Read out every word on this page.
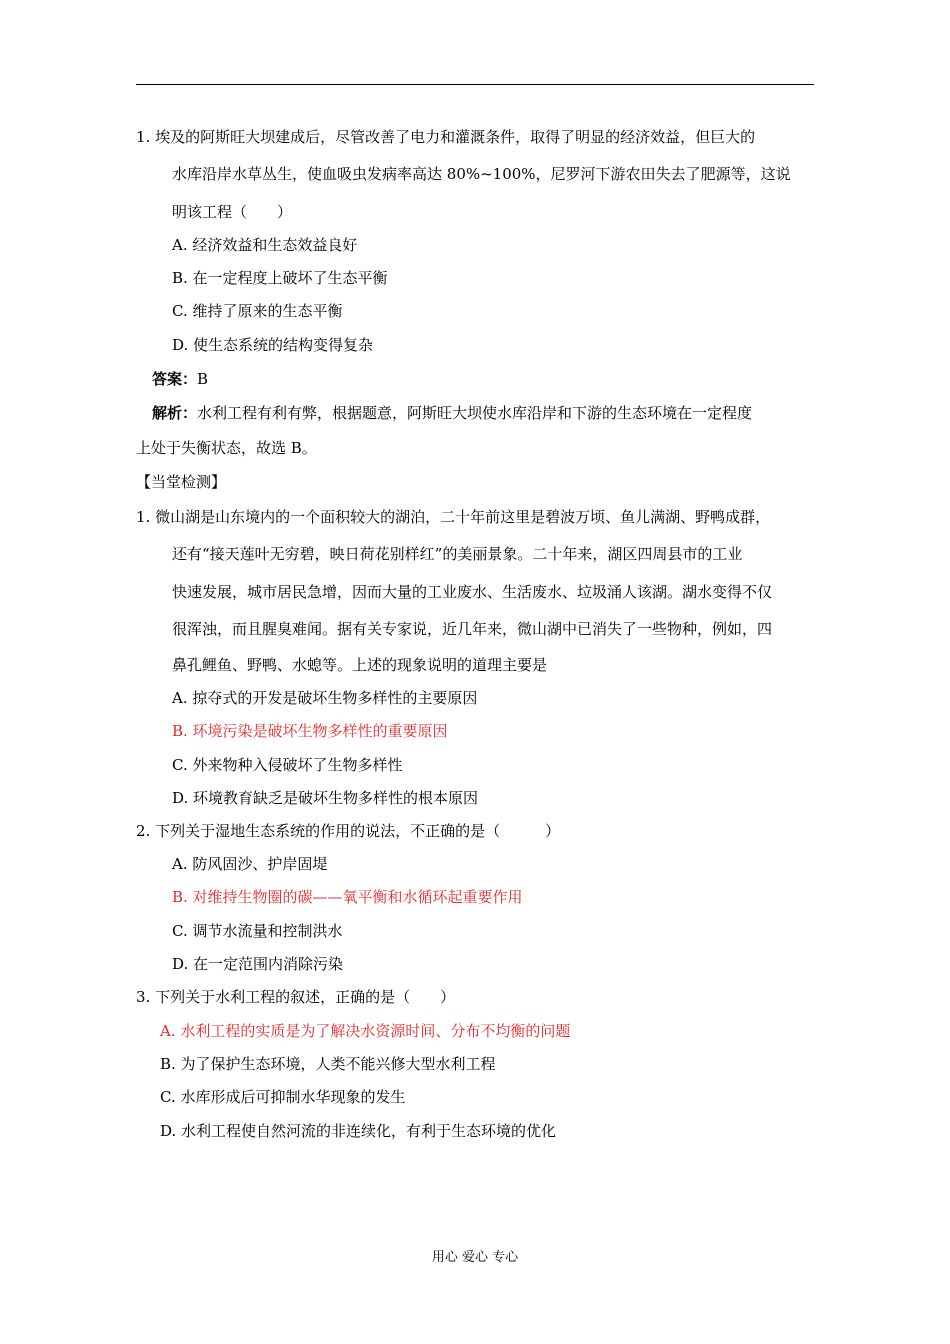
1. 埃及的阿斯旺大坝建成后，尽管改善了电力和灌溉条件，取得了明显的经济效益，但巨大的
水库沿岸水草丛生，使血吸虫发病率高达 80%~100%，尼罗河下游农田失去了肥源等，这说
明该工程（　　）
A. 经济效益和生态效益良好
B. 在一定程度上破坏了生态平衡
C. 维持了原来的生态平衡
D. 使生态系统的结构变得复杂
答案：B
解析：水利工程有利有弊，根据题意，阿斯旺大坝使水库沿岸和下游的生态环境在一定程度
上处于失衡状态，故选 B。
【当堂检测】
1. 微山湖是山东境内的一个面积较大的湖泊，二十年前这里是碧波万顷、鱼儿满湖、野鸭成群，
还有“接天莲叶无穷碧，映日荷花别样红”的美丽景象。二十年来，湖区四周县市的工业
快速发展，城市居民急增，因而大量的工业废水、生活废水、垃圾涌人该湖。湖水变得不仅
很浑浊，而且腥臭难闻。据有关专家说，近几年来，微山湖中已消失了一些物种，例如，四
鼻孔鲤鱼、野鸭、水螅等。上述的现象说明的道理主要是
A. 掠夺式的开发是破坏生物多样性的主要原因
B. 环境污染是破坏生物多样性的重要原因
C. 外来物种入侵破坏了生物多样性
D. 环境教育缺乏是破坏生物多样性的根本原因
2. 下列关于湿地生态系统的作用的说法，不正确的是（　　　）
A. 防风固沙、护岸固堤
B. 对维持生物圈的碳——氧平衡和水循环起重要作用
C. 调节水流量和控制洪水
D. 在一定范围内消除污染
3. 下列关于水利工程的叙述，正确的是（　　）
A. 水利工程的实质是为了解决水资源时间、分布不均衡的问题
B. 为了保护生态环境，人类不能兴修大型水利工程
C. 水库形成后可抑制水华现象的发生
D. 水利工程使自然河流的非连续化，有利于生态环境的优化
用心 爱心 专心
